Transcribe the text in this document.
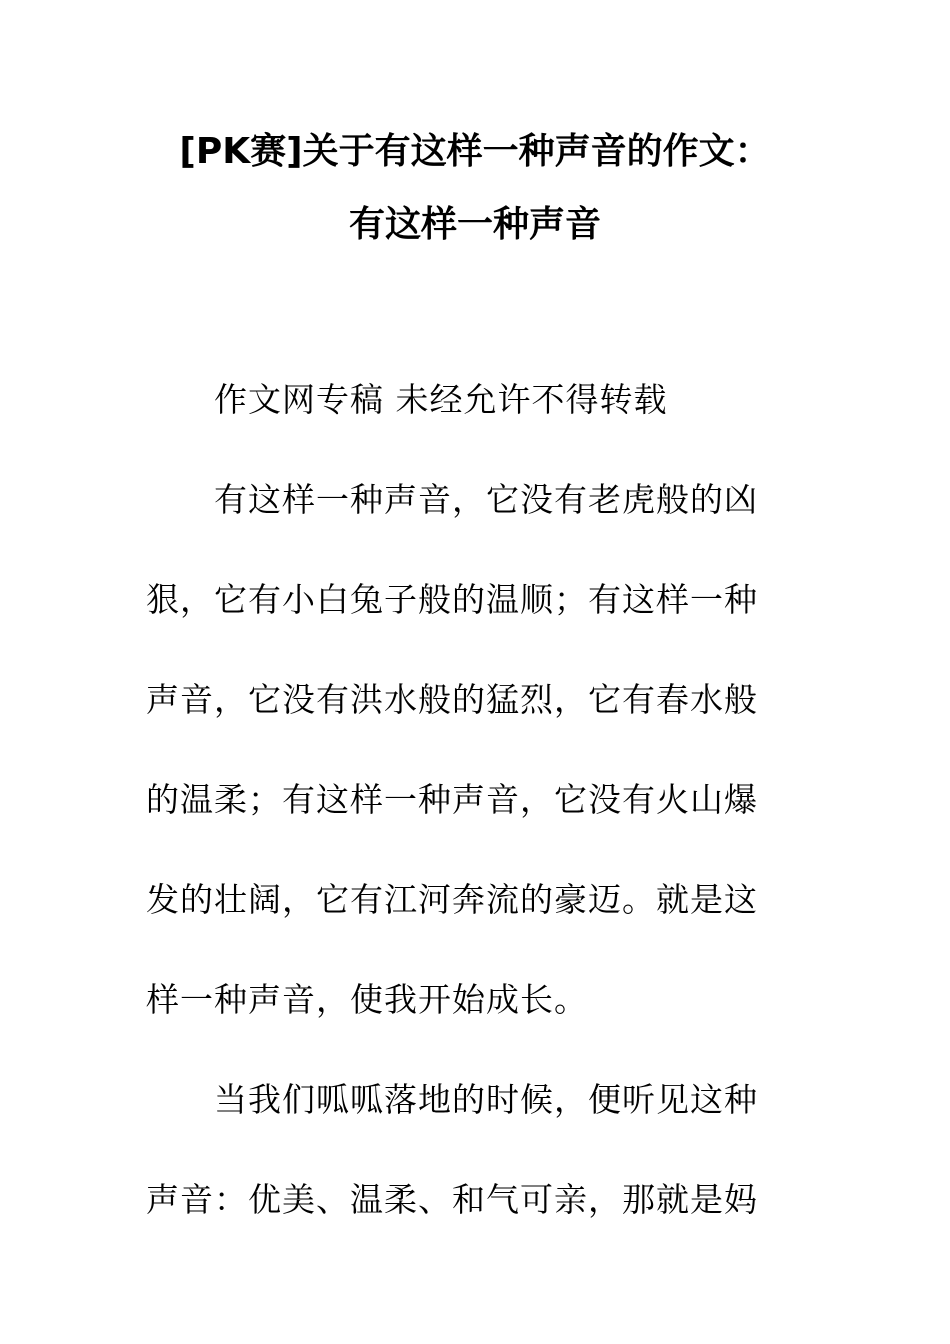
[PK赛]关于有这样一种声音的作文：
有这样一种声音
作文网专稿 未经允许不得转载
有这样一种声音，它没有老虎般的凶
狠，它有小白兔子般的温顺；有这样一种
声音，它没有洪水般的猛烈，它有春水般
的温柔；有这样一种声音，它没有火山爆
发的壮阔，它有江河奔流的豪迈。就是这
样一种声音，使我开始成长。
当我们呱呱落地的时候，便听见这种
声音：优美、温柔、和气可亲，那就是妈
